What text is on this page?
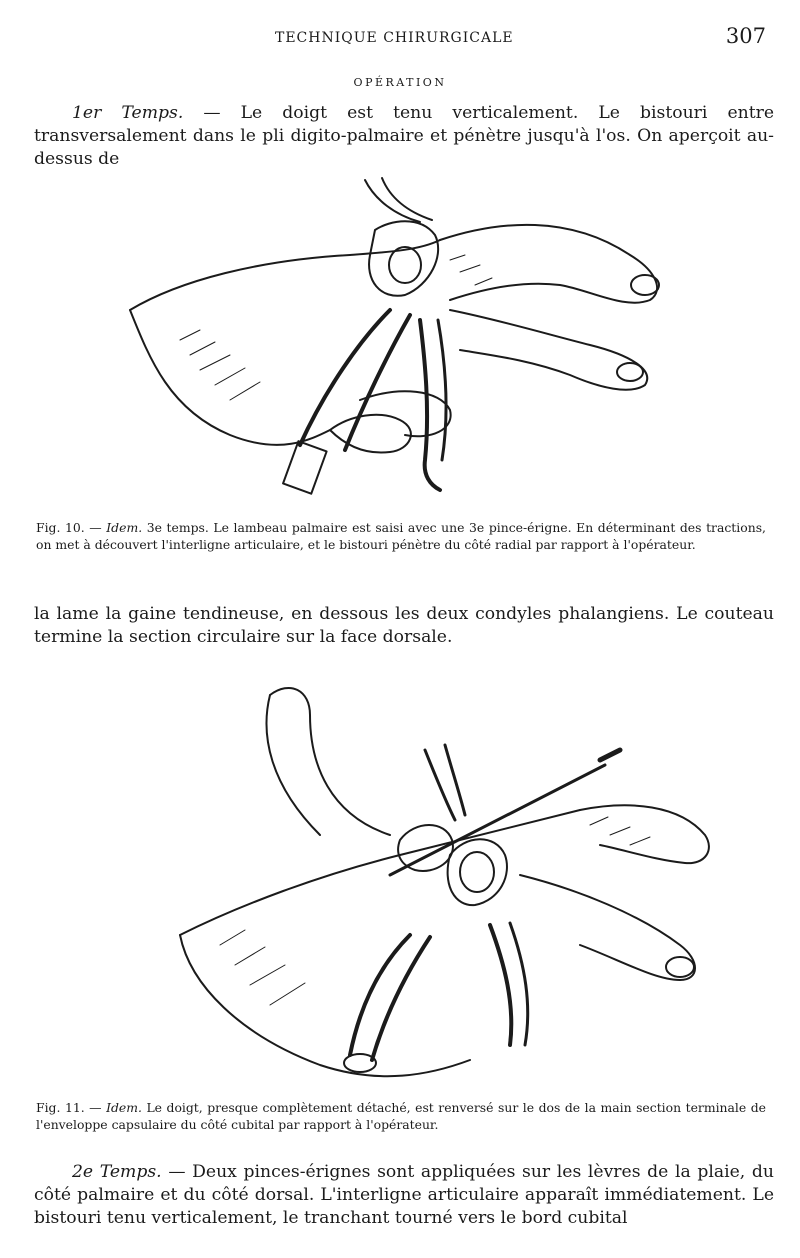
TECHNIQUE CHIRURGICALE	307
OPÉRATION

1er Temps. — Le doigt est tenu verticalement. Le bistouri entre transversalement dans le pli digito-palmaire et pénètre jusqu'à l'os. On aperçoit au-dessus de

Fig. 10. — Idem. 3e temps. Le lambeau palmaire est saisi avec une 3e pince-érigne. En déterminant des tractions, on met à découvert l'interligne articulaire, et le bistouri pénètre du côté radial par rapport à l'opérateur.

la lame la gaine tendineuse, en dessous les deux condyles phalangiens. Le couteau termine la section circulaire sur la face dorsale.

Fig. 11. — Idem. Le doigt, presque complètement détaché, est renversé sur le dos de la main section terminale de l'enveloppe capsulaire du côté cubital par rapport à l'opérateur.

2e Temps. — Deux pinces-érignes sont appliquées sur les lèvres de la plaie, du côté palmaire et du côté dorsal. L'interligne articulaire apparaît immédiatement. Le bistouri tenu verticalement, le tranchant tourné vers le bord cubital
